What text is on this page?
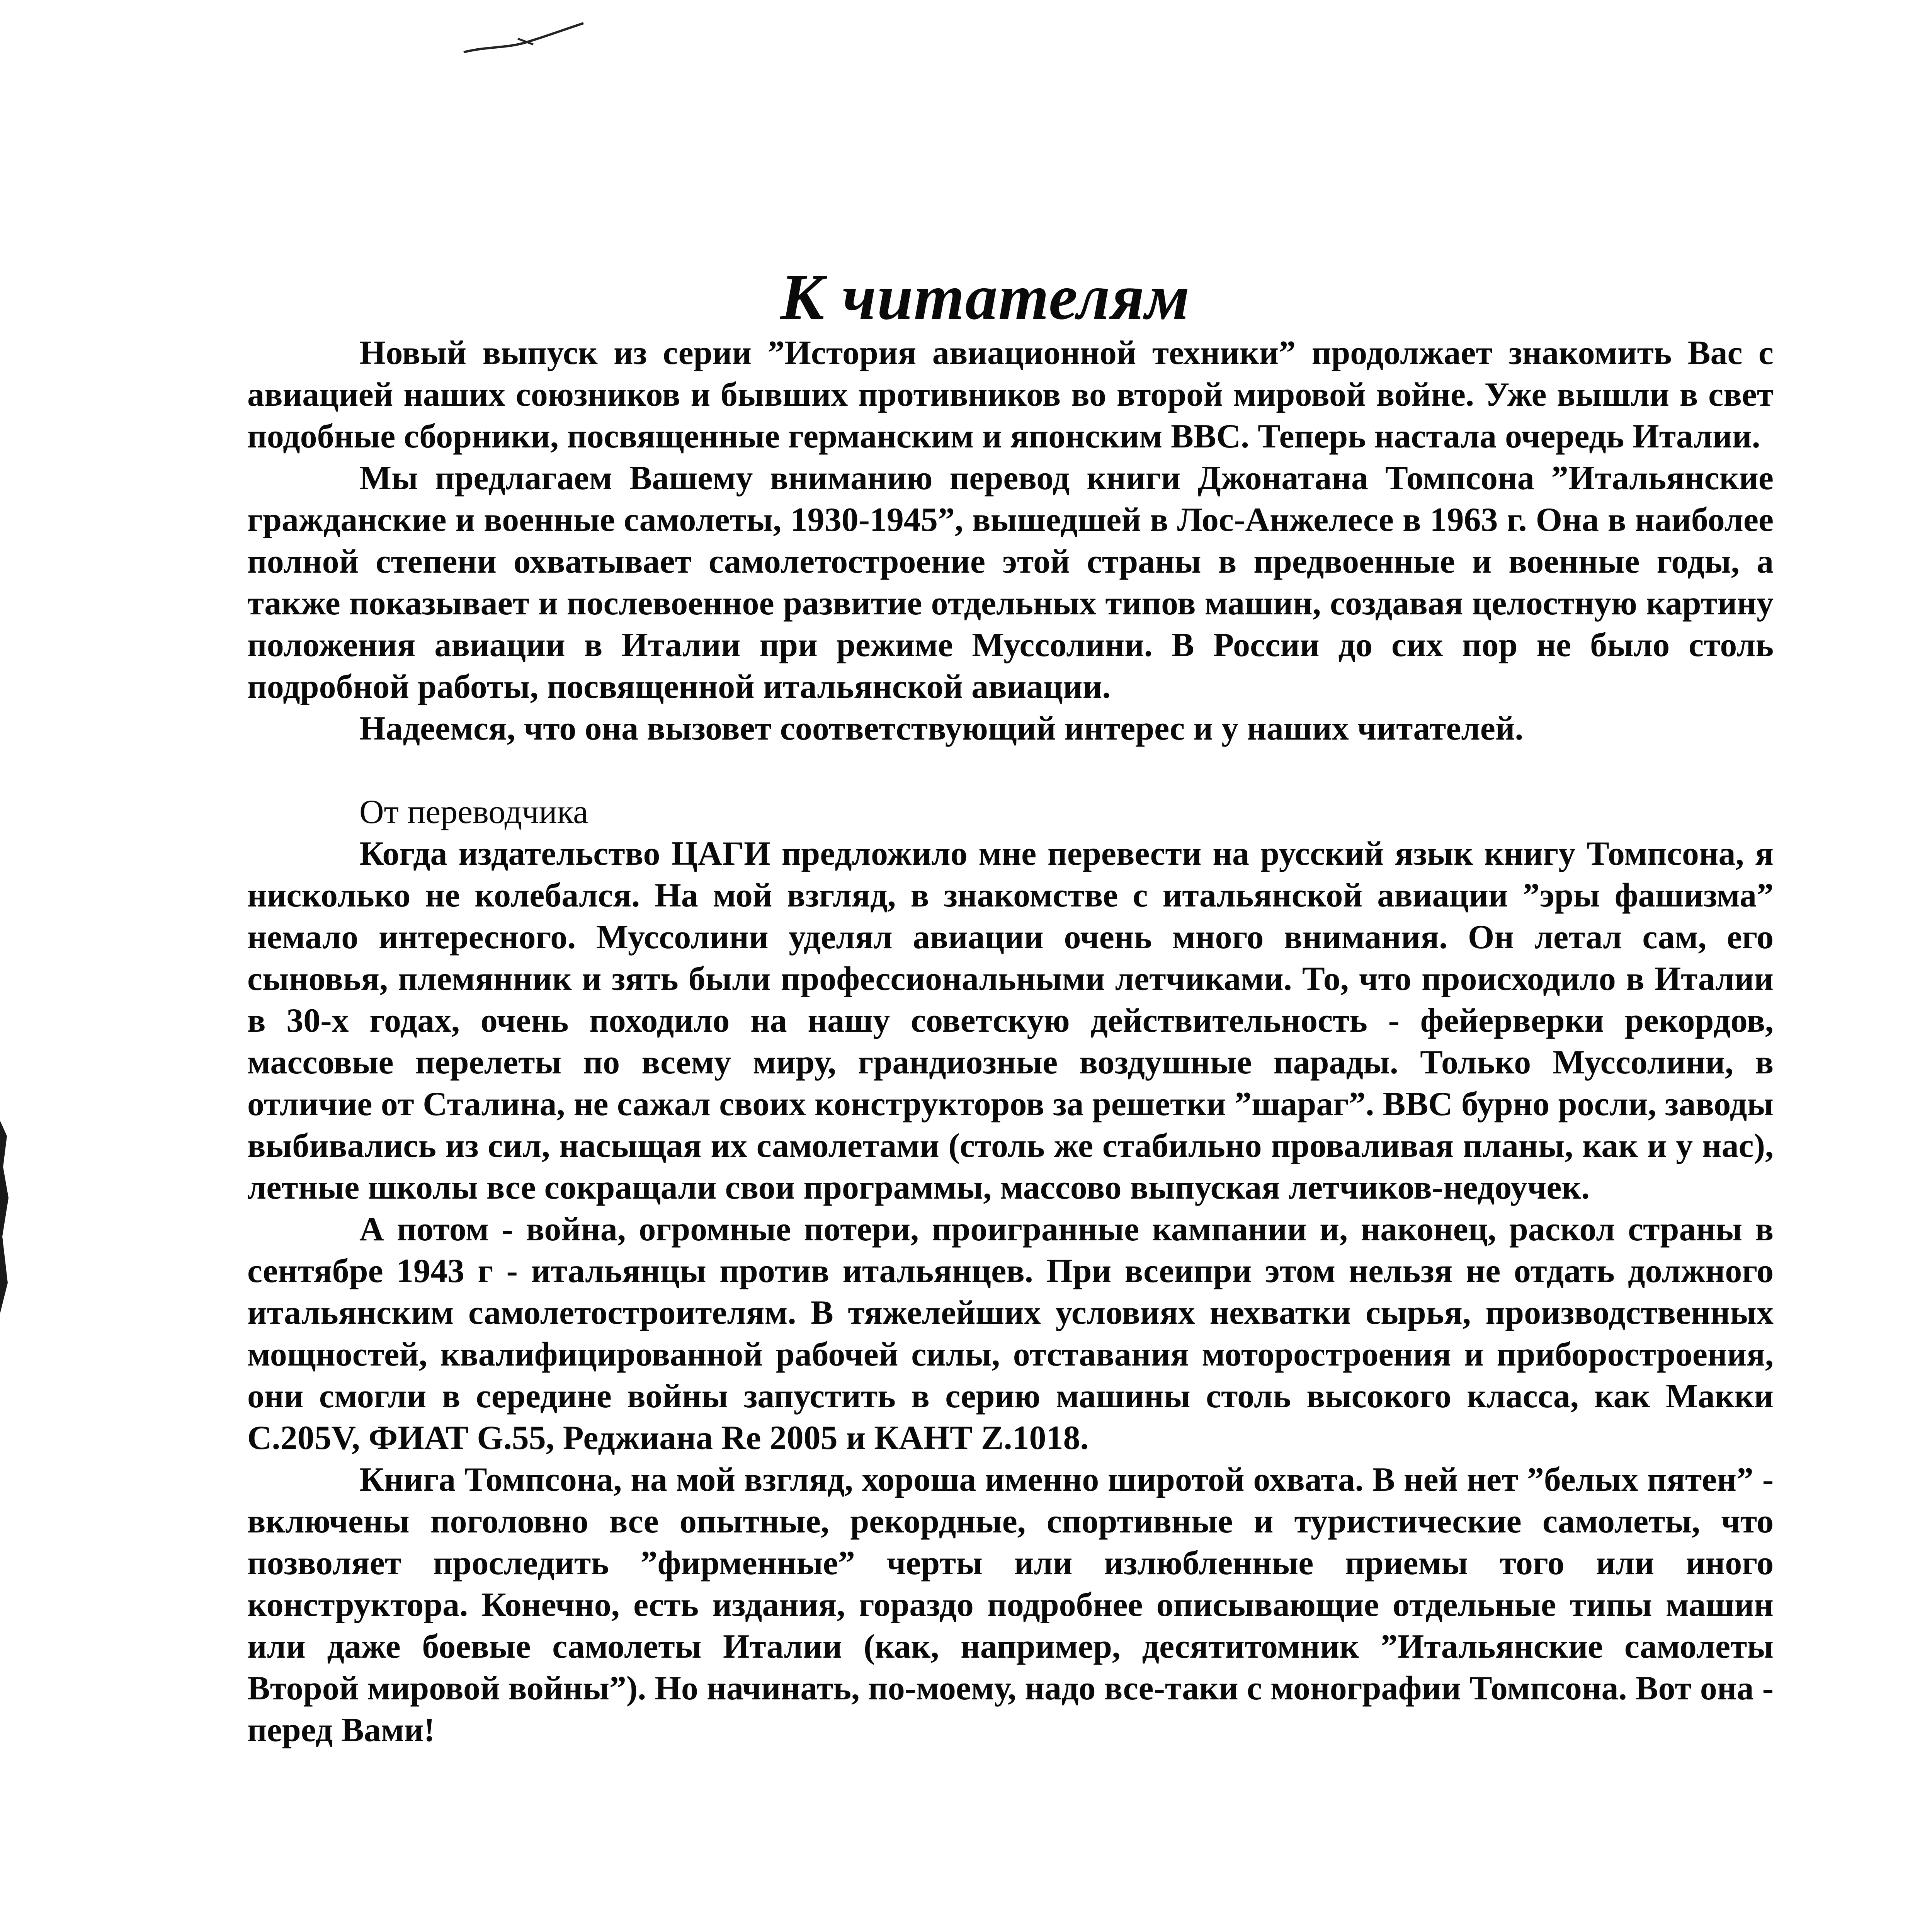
К читателям

Новый выпуск из серии ”История авиационной техники” продолжает знакомить Вас с авиацией наших союзников и бывших противников во второй мировой войне. Уже вышли в свет подобные сборники, посвященные германским и японским ВВС. Теперь настала очередь Италии.

Мы предлагаем Вашему вниманию перевод книги Джонатана Томпсона ”Итальянские гражданские и военные самолеты, 1930-1945”, вышедшей в Лос-Анжелесе в 1963 г. Она в наиболее полной степени охватывает самолетостроение этой страны в предвоенные и военные годы, а также показывает и послевоенное развитие отдельных типов машин, создавая целостную картину положения авиации в Италии при режиме Муссолини. В России до сих пор не было столь подробной работы, посвященной итальянской авиации.

Надеемся, что она вызовет соответствующий интерес и у наших читателей.

От переводчика

Когда издательство ЦАГИ предложило мне перевести на русский язык книгу Томпсона, я нисколько не колебался. На мой взгляд, в знакомстве с итальянской авиации ”эры фашизма” немало интересного. Муссолини уделял авиации очень много внимания. Он летал сам, его сыновья, племянник и зять были профессиональными летчиками. То, что происходило в Италии в 30-х годах, очень походило на нашу советскую действительность - фейерверки рекордов, массовые перелеты по всему миру, грандиозные воздушные парады. Только Муссолини, в отличие от Сталина, не сажал своих конструкторов за решетки ”шараг”. ВВС бурно росли, заводы выбивались из сил, насыщая их самолетами (столь же стабильно проваливая планы, как и у нас), летные школы все сокращали свои программы, массово выпуская летчиков-недоучек.

А потом - война, огромные потери, проигранные кампании и, наконец, раскол страны в сентябре 1943 г - итальянцы против итальянцев. При всеипри этом нельзя не отдать должного итальянским самолетостроителям. В тяжелейших условиях нехватки сырья, производственных мощностей, квалифицированной рабочей силы, отставания моторостроения и приборостроения, они смогли в середине войны запустить в серию машины столь высокого класса, как Макки С.205V, ФИАТ G.55, Реджиана Re 2005 и КАНТ Z.1018.

Книга Томпсона, на мой взгляд, хороша именно широтой охвата. В ней нет ”белых пятен” - включены поголовно все опытные, рекордные, спортивные и туристические самолеты, что позволяет проследить ”фирменные” черты или излюбленные приемы того или иного конструктора. Конечно, есть издания, гораздо подробнее описывающие отдельные типы машин или даже боевые самолеты Италии (как, например, десятитомник ”Итальянские самолеты Второй мировой войны”). Но начинать, по-моему, надо все-таки с монографии Томпсона. Вот она - перед Вами!
